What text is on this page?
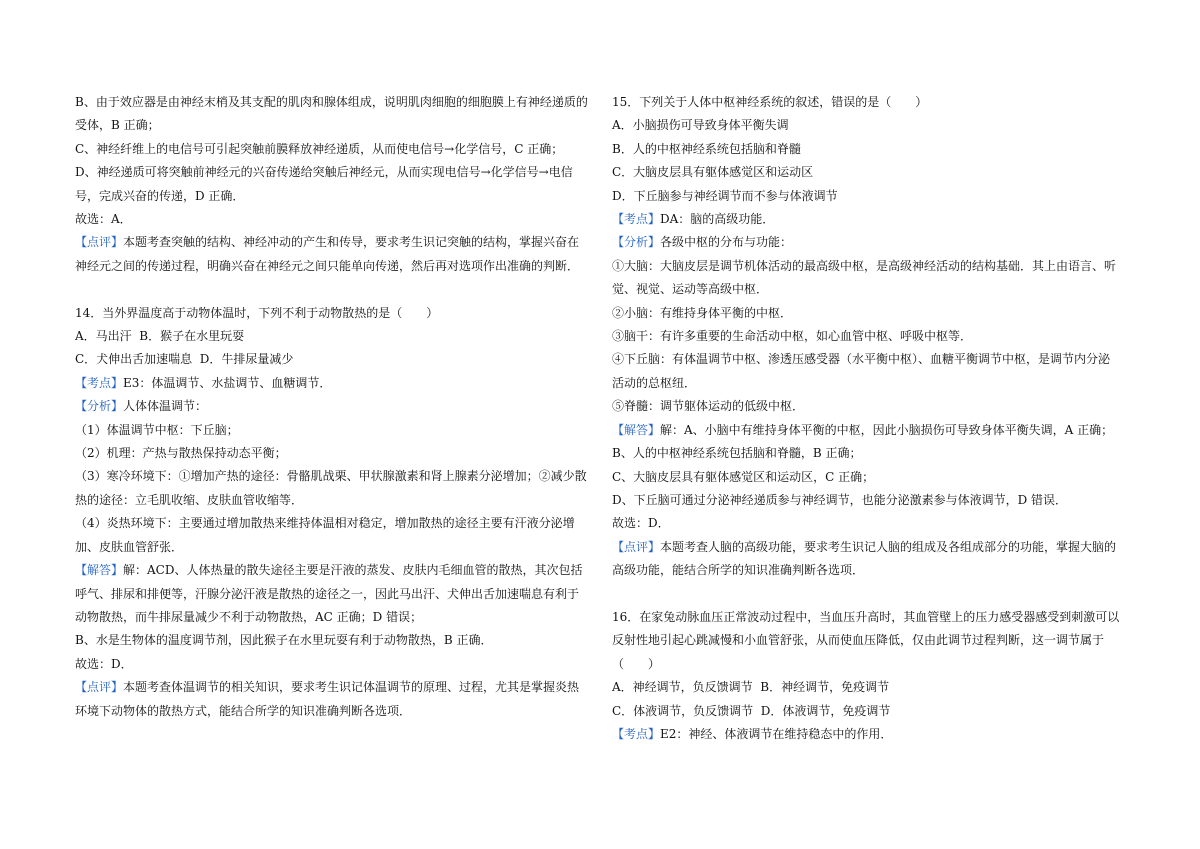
B、由于效应器是由神经末梢及其支配的肌肉和腺体组成，说明肌肉细胞的细胞膜上有神经递质的

受体，B 正确；

C、神经纤维上的电信号可引起突触前膜释放神经递质，从而使电信号→化学信号，C 正确；

D、神经递质可将突触前神经元的兴奋传递给突触后神经元，从而实现电信号→化学信号→电信

号，完成兴奋的传递，D 正确．

故选：A．

【点评】本题考查突触的结构、神经冲动的产生和传导，要求考生识记突触的结构，掌握兴奋在

神经元之间的传递过程，明确兴奋在神经元之间只能单向传递，然后再对选项作出准确的判断．

14．当外界温度高于动物体温时，下列不利于动物散热的是（　　）

A．马出汗  B．猴子在水里玩耍

C．犬伸出舌加速喘息  D．牛排尿量减少

【考点】E3：体温调节、水盐调节、血糖调节．

【分析】人体体温调节：

（1）体温调节中枢：下丘脑；

（2）机理：产热与散热保持动态平衡；

（3）寒冷环境下：①增加产热的途径：骨骼肌战栗、甲状腺激素和肾上腺素分泌增加；②减少散

热的途径：立毛肌收缩、皮肤血管收缩等．

（4）炎热环境下：主要通过增加散热来维持体温相对稳定，增加散热的途径主要有汗液分泌增

加、皮肤血管舒张．

【解答】解：ACD、人体热量的散失途径主要是汗液的蒸发、皮肤内毛细血管的散热，其次包括

呼气、排尿和排便等，汗腺分泌汗液是散热的途径之一，因此马出汗、犬伸出舌加速喘息有利于

动物散热，而牛排尿量减少不利于动物散热，AC 正确；D 错误；

B、水是生物体的温度调节剂，因此猴子在水里玩耍有利于动物散热，B 正确．

故选：D．

【点评】本题考查体温调节的相关知识，要求考生识记体温调节的原理、过程，尤其是掌握炎热

环境下动物体的散热方式，能结合所学的知识准确判断各选项．

15．下列关于人体中枢神经系统的叙述，错误的是（　　）

A．小脑损伤可导致身体平衡失调

B．人的中枢神经系统包括脑和脊髓

C．大脑皮层具有躯体感觉区和运动区

D．下丘脑参与神经调节而不参与体液调节

【考点】DA：脑的高级功能．

【分析】各级中枢的分布与功能：

①大脑：大脑皮层是调节机体活动的最高级中枢，是高级神经活动的结构基础．其上由语言、听

觉、视觉、运动等高级中枢．

②小脑：有维持身体平衡的中枢．

③脑干：有许多重要的生命活动中枢，如心血管中枢、呼吸中枢等．

④下丘脑：有体温调节中枢、渗透压感受器（水平衡中枢）、血糖平衡调节中枢，是调节内分泌

活动的总枢纽．

⑤脊髓：调节躯体运动的低级中枢．

【解答】解：A、小脑中有维持身体平衡的中枢，因此小脑损伤可导致身体平衡失调，A 正确；

B、人的中枢神经系统包括脑和脊髓，B 正确；

C、大脑皮层具有躯体感觉区和运动区，C 正确；

D、下丘脑可通过分泌神经递质参与神经调节，也能分泌激素参与体液调节，D 错误．

故选：D．

【点评】本题考查人脑的高级功能，要求考生识记人脑的组成及各组成部分的功能，掌握大脑的

高级功能，能结合所学的知识准确判断各选项．

16．在家兔动脉血压正常波动过程中，当血压升高时，其血管壁上的压力感受器感受到刺激可以

反射性地引起心跳减慢和小血管舒张，从而使血压降低，仅由此调节过程判断，这一调节属于

（　　）

A．神经调节，负反馈调节  B．神经调节，免疫调节

C．体液调节，负反馈调节  D．体液调节，免疫调节

【考点】E2：神经、体液调节在维持稳态中的作用．
